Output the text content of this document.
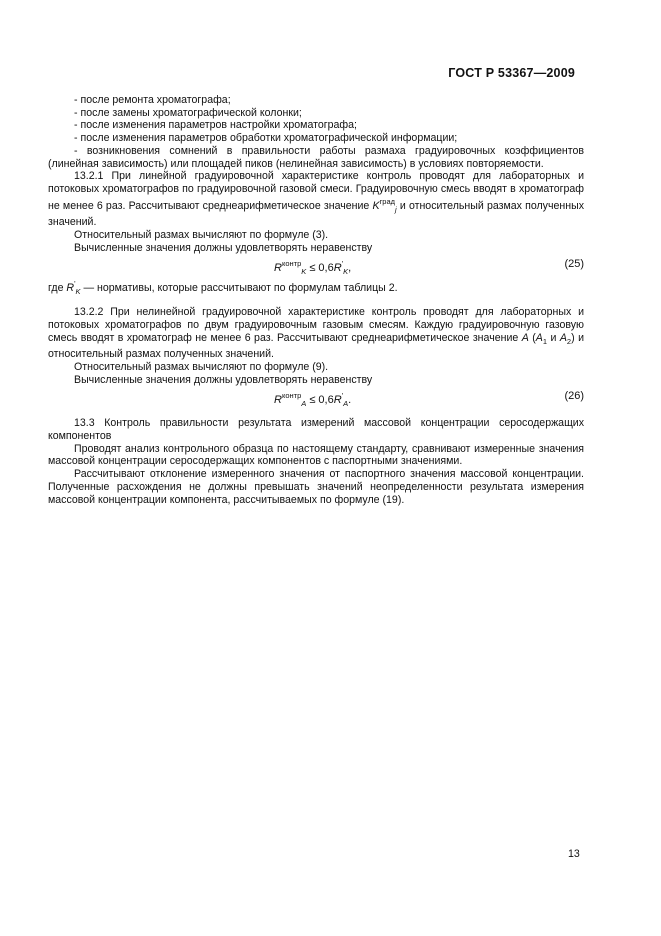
ГОСТ Р 53367—2009
- после ремонта хроматографа;
- после замены хроматографической колонки;
- после изменения параметров настройки хроматографа;
- после изменения параметров обработки хроматографической информации;
- возникновения сомнений в правильности работы размаха градуировочных коэффициентов (линейная зависимость) или площадей пиков (нелинейная зависимость) в условиях повторяемости.

13.2.1 При линейной градуировочной характеристике контроль проводят для лабораторных и потоковых хроматографов по градуировочной газовой смеси. Градуировочную смесь вводят в хроматограф не менее 6 раз. Рассчитывают среднеарифметическое значение $K^{град}_j$ и относительный размах полученных значений.

Относительный размах вычисляют по формуле (3).

Вычисленные значения должны удовлетворять неравенству

$R^{контр}_K \le 0,6R'_K$,	(25)

где $R'_K$ — нормативы, которые рассчитывают по формулам таблицы 2.

13.2.2 При нелинейной градуировочной характеристике контроль проводят для лабораторных и потоковых хроматографов по двум градуировочным газовым смесям. Каждую градуировочную газовую смесь вводят в хроматограф не менее 6 раз. Рассчитывают среднеарифметическое значение A ($A_1$ и $A_2$) и относительный размах полученных значений.

Относительный размах вычисляют по формуле (9).

Вычисленные значения должны удовлетворять неравенству

$R^{контр}_A \le 0,6R'_A$.	(26)

13.3 Контроль правильности результата измерений массовой концентрации серосодержащих компонентов

Проводят анализ контрольного образца по настоящему стандарту, сравнивают измеренные значения массовой концентрации серосодержащих компонентов с паспортными значениями.

Рассчитывают отклонение измеренного значения от паспортного значения массовой концентрации. Полученные расхождения не должны превышать значений неопределенности результата измерения массовой концентрации компонента, рассчитываемых по формуле (19).

13
